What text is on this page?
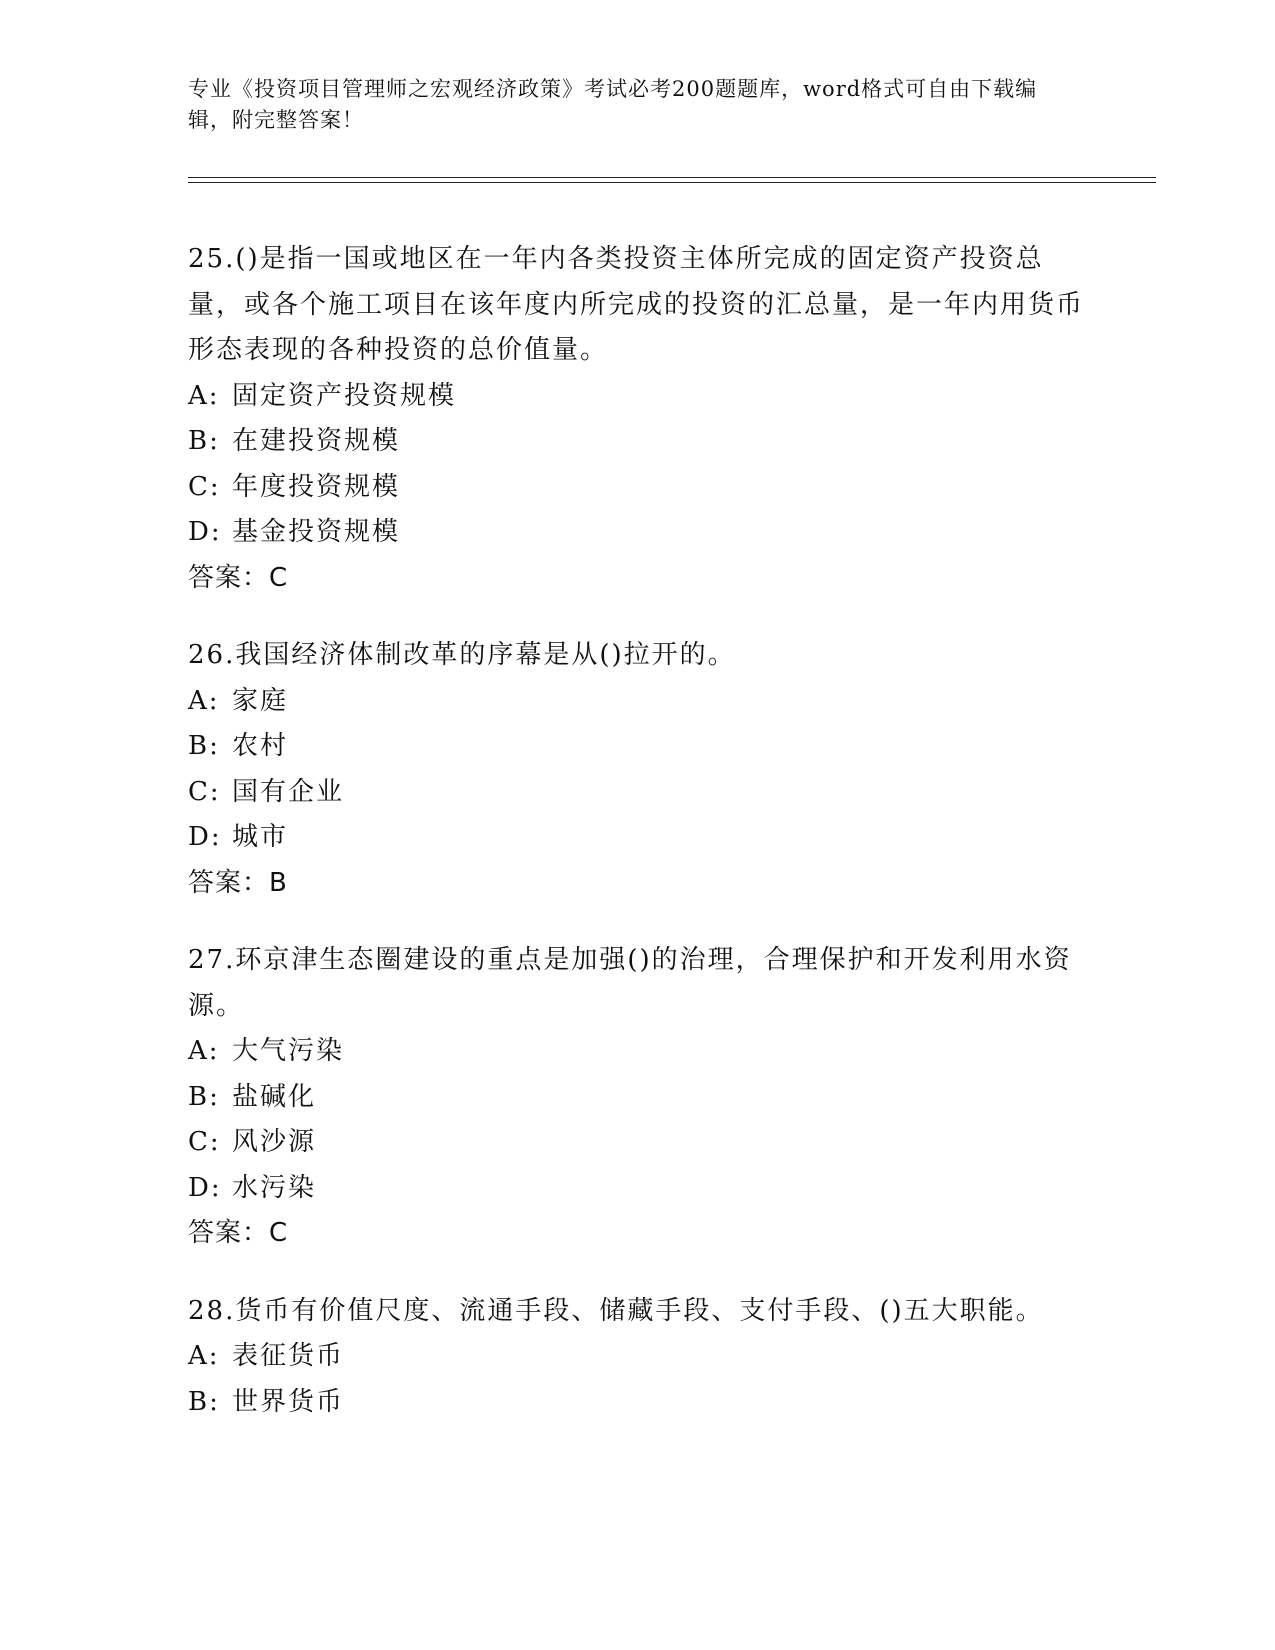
专业《投资项目管理师之宏观经济政策》考试必考200题题库，word格式可自由下载编辑，附完整答案！
25.()是指一国或地区在一年内各类投资主体所完成的固定资产投资总量，或各个施工项目在该年度内所完成的投资的汇总量，是一年内用货币形态表现的各种投资的总价值量。
A: 固定资产投资规模
B: 在建投资规模
C: 年度投资规模
D: 基金投资规模
答案：C
26.我国经济体制改革的序幕是从()拉开的。
A: 家庭
B: 农村
C: 国有企业
D: 城市
答案：B
27.环京津生态圈建设的重点是加强()的治理，合理保护和开发利用水资源。
A: 大气污染
B: 盐碱化
C: 风沙源
D: 水污染
答案：C
28.货币有价值尺度、流通手段、储藏手段、支付手段、()五大职能。
A: 表征货币
B: 世界货币
